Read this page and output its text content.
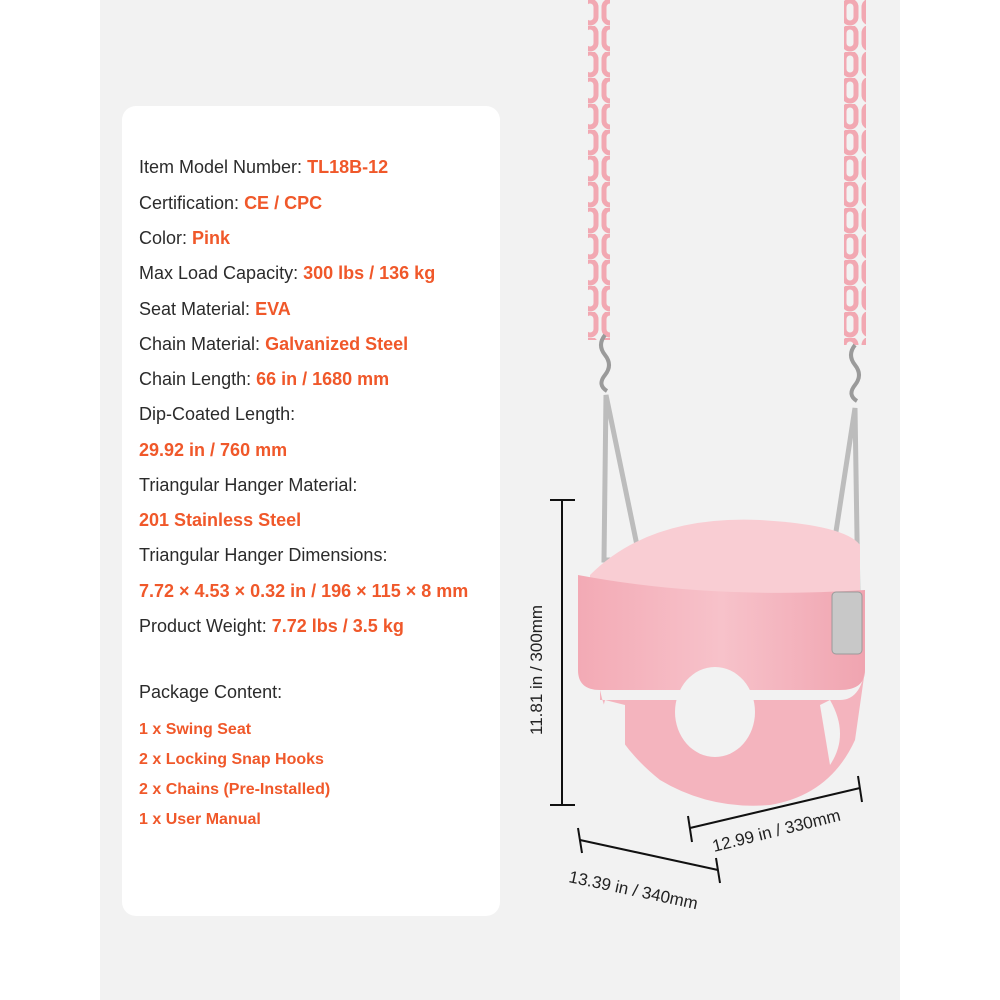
Item Model Number: TL18B-12
Certification: CE / CPC
Color: Pink
Max Load Capacity: 300 lbs / 136 kg
Seat Material: EVA
Chain Material: Galvanized Steel
Chain Length: 66 in / 1680 mm
Dip-Coated Length:
29.92 in / 760 mm
Triangular Hanger Material:
201 Stainless Steel
Triangular Hanger Dimensions:
7.72 × 4.53 × 0.32 in / 196 × 115 × 8 mm
Product Weight: 7.72 lbs / 3.5 kg
Package Content:
1 x Swing Seat
2 x Locking Snap Hooks
2 x Chains (Pre-Installed)
1 x User Manual
11.81 in / 300mm
12.99 in / 330mm
13.39 in / 340mm
